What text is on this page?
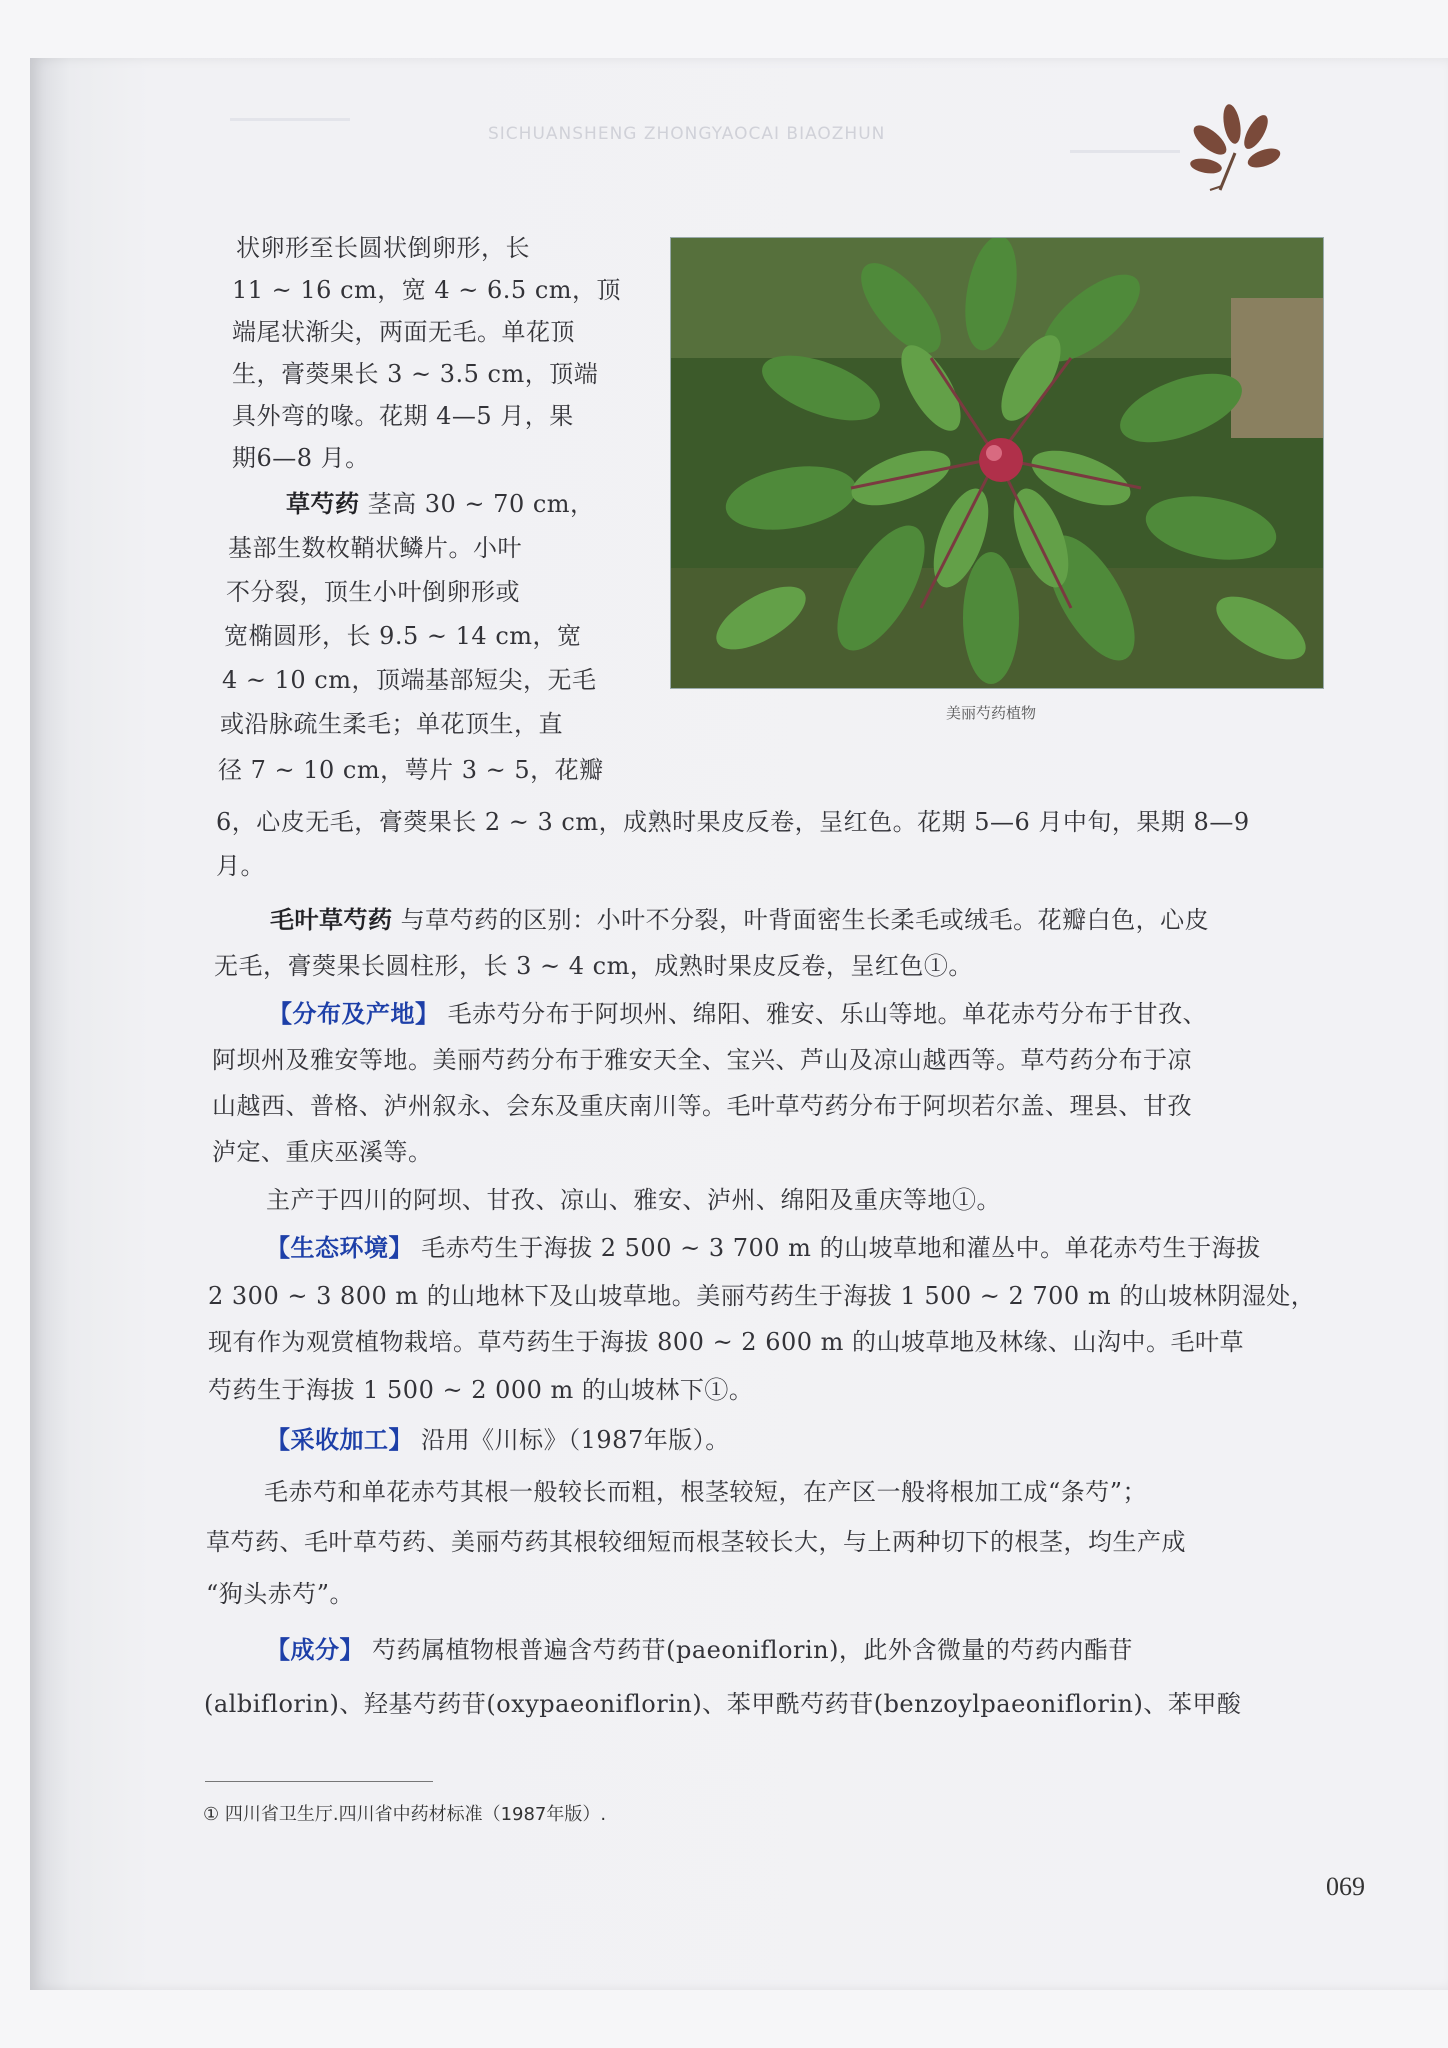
SICHUANSHENG ZHONGYAOCAI BIAOZHUN
美丽芍药植物
状卵形至长圆状倒卵形，长
11 ~ 16 cm，宽 4 ~ 6.5 cm，顶
端尾状渐尖，两面无毛。单花顶
生，膏葖果长 3 ~ 3.5 cm，顶端
具外弯的喙。花期 4—5 月，果
期6—8 月。
草芍药 茎高 30 ~ 70 cm，
基部生数枚鞘状鳞片。小叶
不分裂，顶生小叶倒卵形或
宽椭圆形，长 9.5 ~ 14 cm，宽
4 ~ 10 cm，顶端基部短尖，无毛
或沿脉疏生柔毛；单花顶生，直
径 7 ~ 10 cm，萼片 3 ~ 5，花瓣
6，心皮无毛，膏葖果长 2 ~ 3 cm，成熟时果皮反卷，呈红色。花期 5—6 月中旬，果期 8—9
月。
毛叶草芍药 与草芍药的区别：小叶不分裂，叶背面密生长柔毛或绒毛。花瓣白色，心皮
无毛，膏葖果长圆柱形，长 3 ~ 4 cm，成熟时果皮反卷，呈红色①。
【分布及产地】 毛赤芍分布于阿坝州、绵阳、雅安、乐山等地。单花赤芍分布于甘孜、
阿坝州及雅安等地。美丽芍药分布于雅安天全、宝兴、芦山及凉山越西等。草芍药分布于凉
山越西、普格、泸州叙永、会东及重庆南川等。毛叶草芍药分布于阿坝若尔盖、理县、甘孜
泸定、重庆巫溪等。
主产于四川的阿坝、甘孜、凉山、雅安、泸州、绵阳及重庆等地①。
【生态环境】 毛赤芍生于海拔 2 500 ~ 3 700 m 的山坡草地和灌丛中。单花赤芍生于海拔
2 300 ~ 3 800 m 的山地林下及山坡草地。美丽芍药生于海拔 1 500 ~ 2 700 m 的山坡林阴湿处，
现有作为观赏植物栽培。草芍药生于海拔 800 ~ 2 600 m 的山坡草地及林缘、山沟中。毛叶草
芍药生于海拔 1 500 ~ 2 000 m 的山坡林下①。
【采收加工】 沿用《川标》（1987年版）。
毛赤芍和单花赤芍其根一般较长而粗，根茎较短，在产区一般将根加工成“条芍”；
草芍药、毛叶草芍药、美丽芍药其根较细短而根茎较长大，与上两种切下的根茎，均生产成
“狗头赤芍”。
【成分】 芍药属植物根普遍含芍药苷(paeoniflorin)，此外含微量的芍药内酯苷
(albiflorin)、羟基芍药苷(oxypaeoniflorin)、苯甲酰芍药苷(benzoylpaeoniflorin)、苯甲酸
① 四川省卫生厅.四川省中药材标准（1987年版）.
069
